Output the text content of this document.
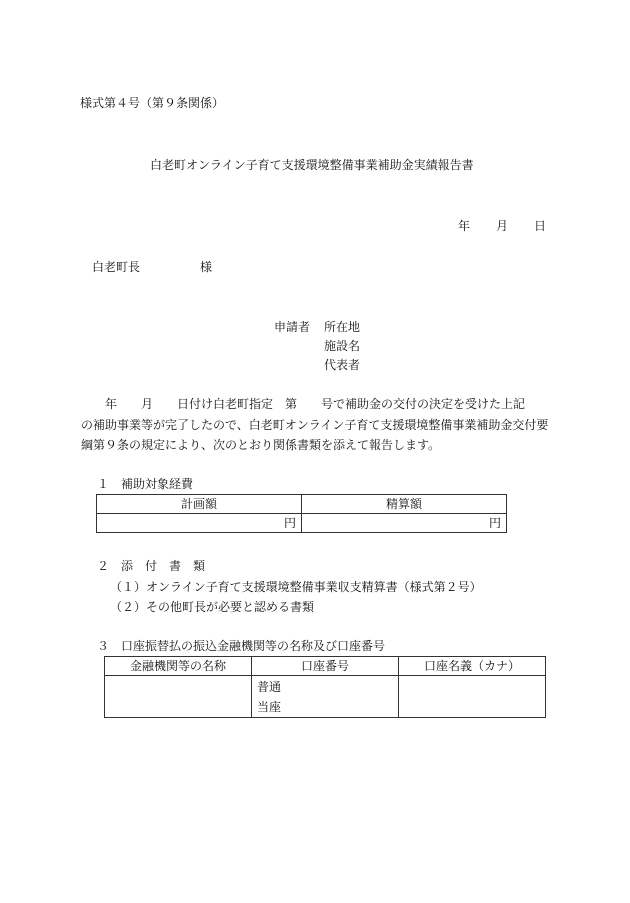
様式第４号（第９条関係）
白老町オンライン子育て支援環境整備事業補助金実績報告書
年 月 日
白老町長	様
申請者 所在地
施設名
代表者
　　年　　月　　日付け白老町指定　第　　号で補助金の交付の決定を受けた上記
の補助事業等が完了したので、白老町オンライン子育て支援環境整備事業補助金交付要
綱第９条の規定により、次のとおり関係書類を添えて報告します。
１　補助対象経費
計画額	精算額
円	円
２　添　付　書　類
（１）オンライン子育て支援環境整備事業収支精算書（様式第２号）
（２）その他町長が必要と認める書類
３　口座振替払の振込金融機関等の名称及び口座番号
金融機関等の名称	口座番号	口座名義（カナ）

	普通
当座	
